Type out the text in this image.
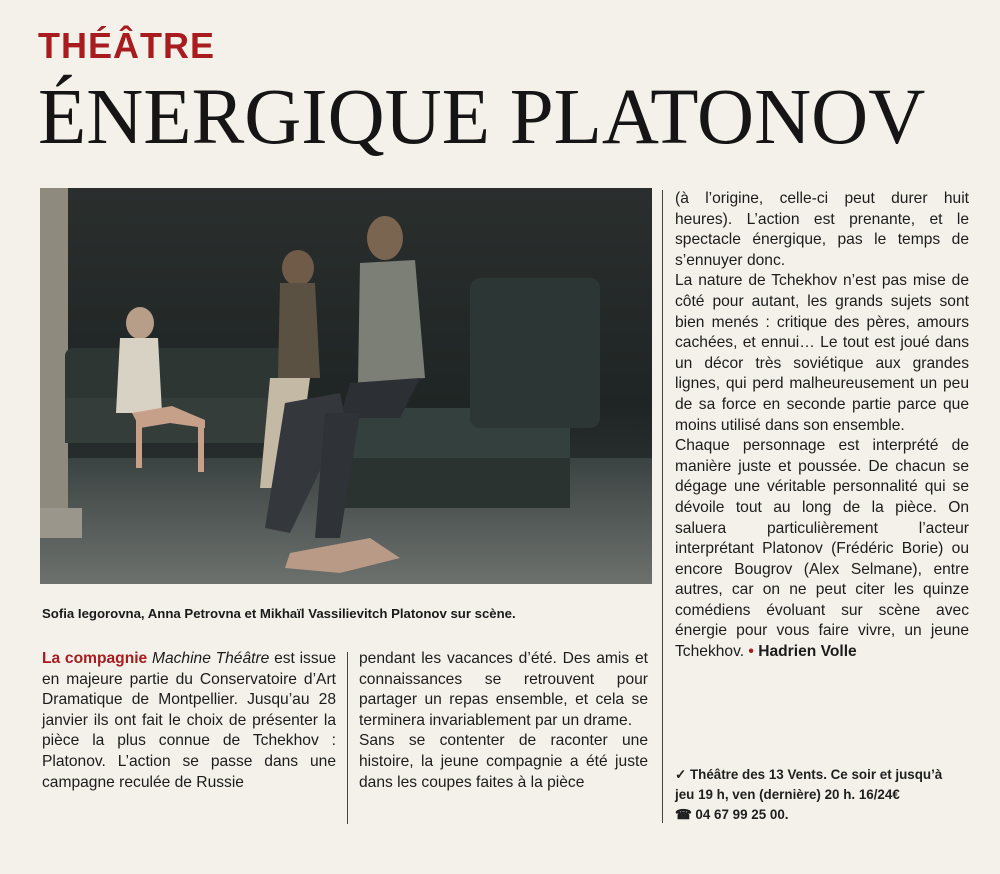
THÉÂTRE
ÉNERGIQUE PLATONOV
Sofia Iegorovna, Anna Petrovna et Mikhaïl Vassilievitch Platonov sur scène.

La compagnie Machine Théâtre est issue en majeure partie du Conservatoire d’Art Dramatique de Montpellier. Jusqu’au 28 janvier ils ont fait le choix de présenter la pièce la plus connue de Tchekhov : Platonov. L’action se passe dans une campagne reculée de Russie

pendant les vacances d’été. Des amis et connaissances se retrouvent pour partager un repas ensemble, et cela se terminera invariablement par un drame.

Sans se contenter de raconter une histoire, la jeune compagnie a été juste dans les coupes faites à la pièce

(à l’origine, celle-ci peut durer huit heures). L’action est prenante, et le spectacle énergique, pas le temps de s’ennuyer donc.

La nature de Tchekhov n’est pas mise de côté pour autant, les grands sujets sont bien menés : critique des pères, amours cachées, et ennui… Le tout est joué dans un décor très soviétique aux grandes lignes, qui perd malheureusement un peu de sa force en seconde partie parce que moins utilisé dans son ensemble.

Chaque personnage est interprété de manière juste et poussée. De chacun se dégage une véritable personnalité qui se dévoile tout au long de la pièce. On saluera particulièrement l’acteur interprétant Platonov (Frédéric Borie) ou encore Bougrov (Alex Selmane), entre autres, car on ne peut citer les quinze comédiens évoluant sur scène avec énergie pour vous faire vivre, un jeune Tchekhov. • Hadrien Volle

✓ Théâtre des 13 Vents. Ce soir et jusqu’à
jeu 19 h, ven (dernière) 20 h. 16/24€
☎ 04 67 99 25 00.
